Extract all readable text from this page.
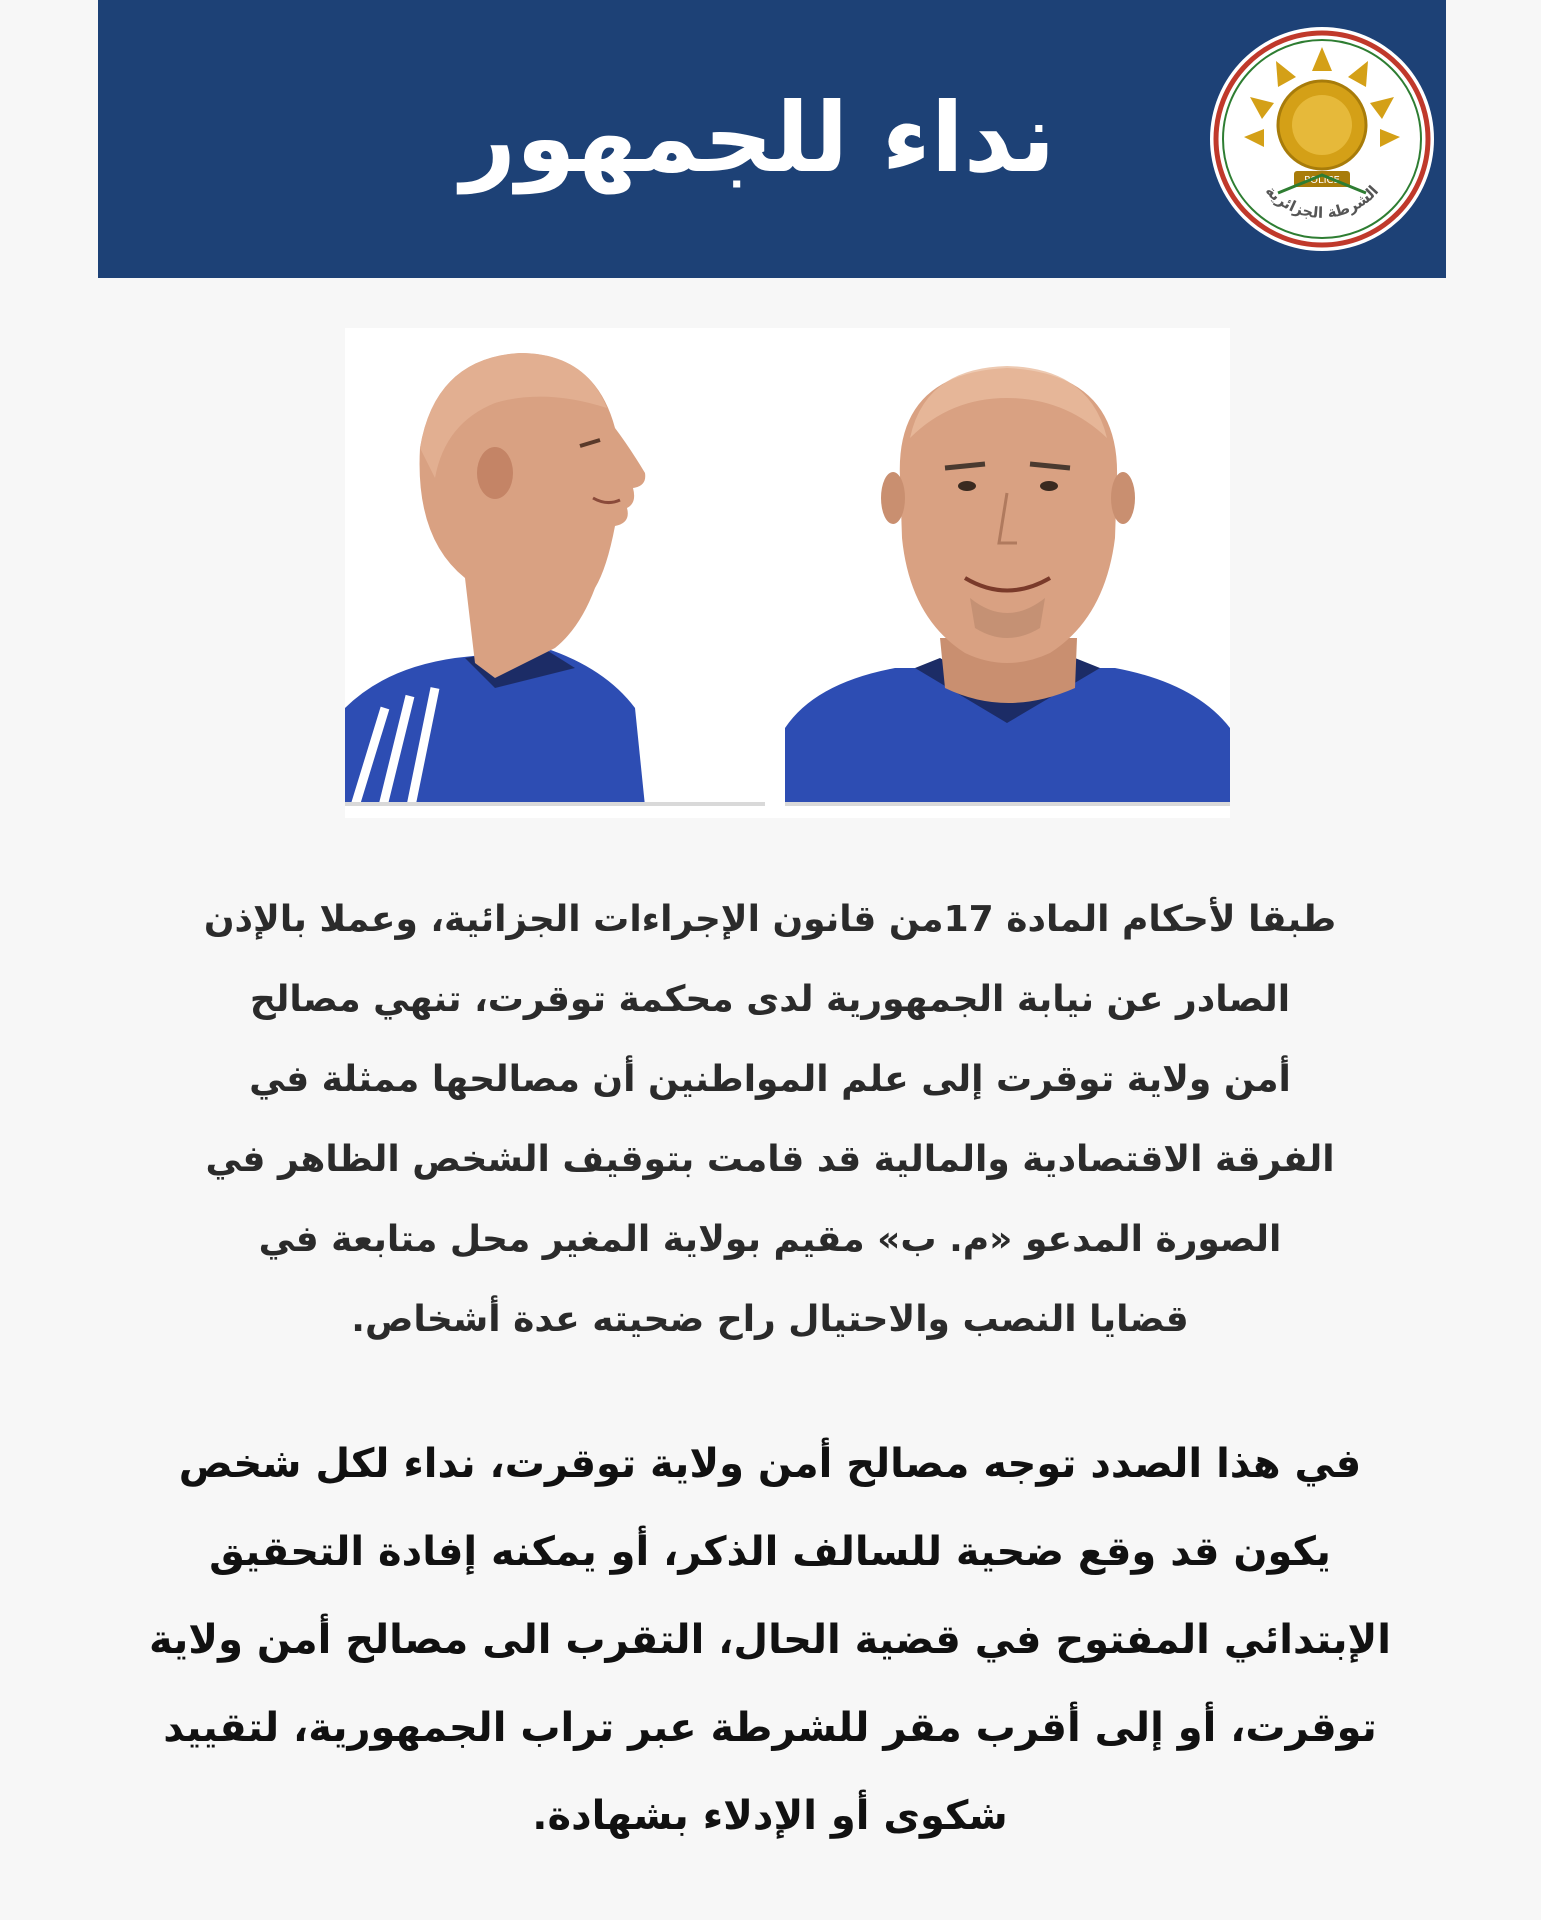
نداء للجمهور	POLICE
الشرطة الجزائرية
طبقا لأحكام المادة 17من قانون الإجراءات الجزائية، وعملا بالإذن
الصادر عن نيابة الجمهورية لدى محكمة توقرت، تنهي مصالح
أمن ولاية توقرت إلى علم المواطنين أن مصالحها ممثلة في
الفرقة الاقتصادية والمالية قد قامت بتوقيف الشخص الظاهر في
الصورة المدعو «م. ب» مقيم بولاية المغير محل متابعة في
قضايا النصب والاحتيال راح ضحيته عدة أشخاص.
في هذا الصدد توجه مصالح أمن ولاية توقرت، نداء لكل شخص
يكون قد وقع ضحية للسالف الذكر، أو يمكنه إفادة التحقيق
الإبتدائي المفتوح في قضية الحال، التقرب الى مصالح أمن ولاية
توقرت، أو إلى أقرب مقر للشرطة عبر تراب الجمهورية، لتقييد
شكوى أو الإدلاء بشهادة.
